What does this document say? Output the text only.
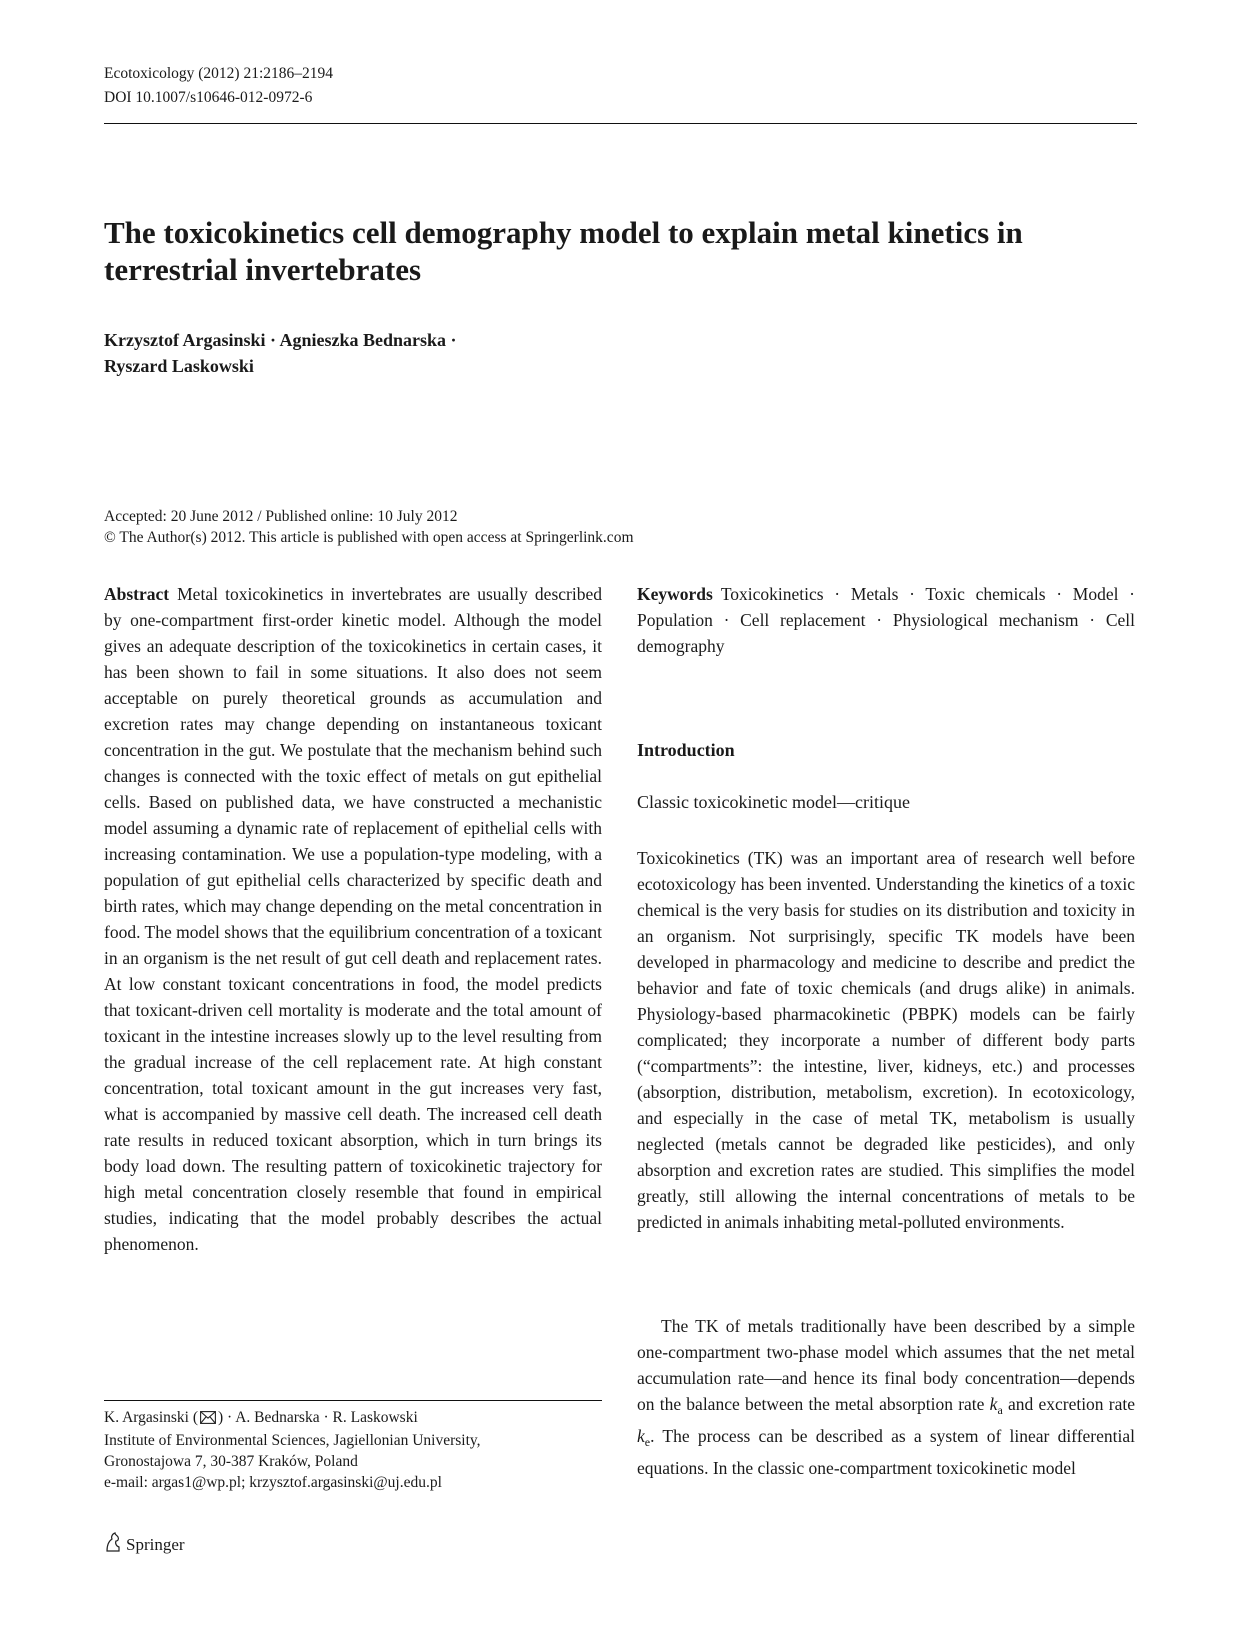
Ecotoxicology (2012) 21:2186–2194
DOI 10.1007/s10646-012-0972-6
The toxicokinetics cell demography model to explain metal kinetics in terrestrial invertebrates
Krzysztof Argasinski · Agnieszka Bednarska ·
Ryszard Laskowski
Accepted: 20 June 2012 / Published online: 10 July 2012
© The Author(s) 2012. This article is published with open access at Springerlink.com
Abstract Metal toxicokinetics in invertebrates are usually described by one-compartment first-order kinetic model. Although the model gives an adequate description of the toxicokinetics in certain cases, it has been shown to fail in some situations. It also does not seem acceptable on purely theoretical grounds as accumulation and excretion rates may change depending on instantaneous toxicant concentration in the gut. We postulate that the mechanism behind such changes is connected with the toxic effect of metals on gut epithelial cells. Based on published data, we have constructed a mechanistic model assuming a dynamic rate of replacement of epithelial cells with increasing contamination. We use a population-type modeling, with a population of gut epithelial cells characterized by specific death and birth rates, which may change depending on the metal concentration in food. The model shows that the equilibrium concentration of a toxicant in an organism is the net result of gut cell death and replacement rates. At low constant toxicant concentrations in food, the model predicts that toxicant-driven cell mortality is moderate and the total amount of toxicant in the intestine increases slowly up to the level resulting from the gradual increase of the cell replacement rate. At high constant concentration, total toxicant amount in the gut increases very fast, what is accompanied by massive cell death. The increased cell death rate results in reduced toxicant absorption, which in turn brings its body load down. The resulting pattern of toxicokinetic trajectory for high metal concentration closely resemble that found in empirical studies, indicating that the model probably describes the actual phenomenon.
Keywords Toxicokinetics · Metals · Toxic chemicals · Model · Population · Cell replacement · Physiological mechanism · Cell demography
Introduction
Classic toxicokinetic model—critique

Toxicokinetics (TK) was an important area of research well before ecotoxicology has been invented. Understanding the kinetics of a toxic chemical is the very basis for studies on its distribution and toxicity in an organism. Not surprisingly, specific TK models have been developed in pharmacology and medicine to describe and predict the behavior and fate of toxic chemicals (and drugs alike) in animals. Physiology-based pharmacokinetic (PBPK) models can be fairly complicated; they incorporate a number of different body parts (“compartments”: the intestine, liver, kidneys, etc.) and processes (absorption, distribution, metabolism, excretion). In ecotoxicology, and especially in the case of metal TK, metabolism is usually neglected (metals cannot be degraded like pesticides), and only absorption and excretion rates are studied. This simplifies the model greatly, still allowing the internal concentrations of metals to be predicted in animals inhabiting metal-polluted environments.

The TK of metals traditionally have been described by a simple one-compartment two-phase model which assumes that the net metal accumulation rate—and hence its final body concentration—depends on the balance between the metal absorption rate $k_a$ and excretion rate $k_e$. The process can be described as a system of linear differential equations. In the classic one-compartment toxicokinetic model

K. Argasinski ( ) · A. Bednarska · R. Laskowski
Institute of Environmental Sciences, Jagiellonian University,
Gronostajowa 7, 30-387 Kraków, Poland
e-mail: argas1@wp.pl; krzysztof.argasinski@uj.edu.pl
Springer
